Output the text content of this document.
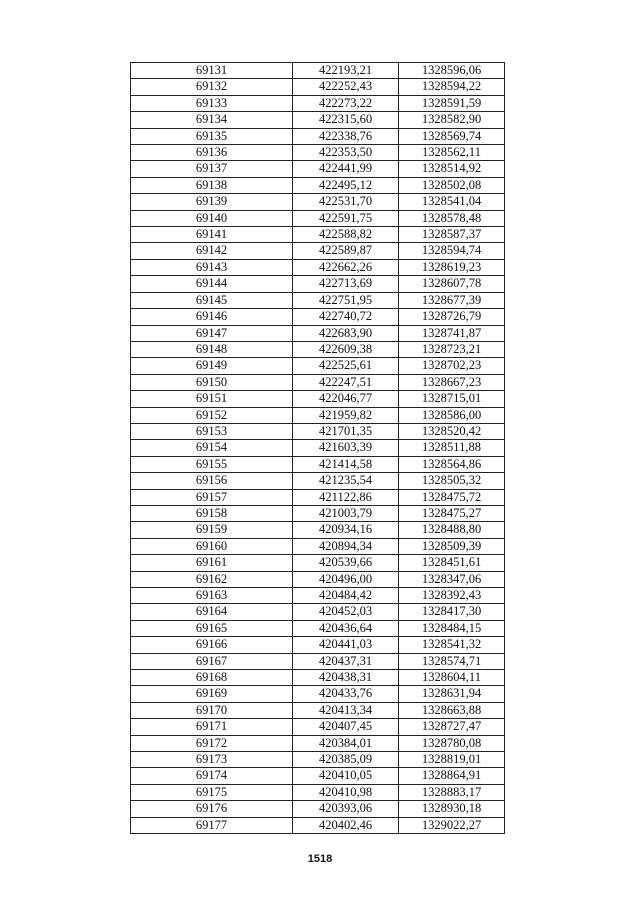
69131	422193,21	1328596,06
69132	422252,43	1328594,22
69133	422273,22	1328591,59
69134	422315,60	1328582,90
69135	422338,76	1328569,74
69136	422353,50	1328562,11
69137	422441,99	1328514,92
69138	422495,12	1328502,08
69139	422531,70	1328541,04
69140	422591,75	1328578,48
69141	422588,82	1328587,37
69142	422589,87	1328594,74
69143	422662,26	1328619,23
69144	422713,69	1328607,78
69145	422751,95	1328677,39
69146	422740,72	1328726,79
69147	422683,90	1328741,87
69148	422609,38	1328723,21
69149	422525,61	1328702,23
69150	422247,51	1328667,23
69151	422046,77	1328715,01
69152	421959,82	1328586,00
69153	421701,35	1328520,42
69154	421603,39	1328511,88
69155	421414,58	1328564,86
69156	421235,54	1328505,32
69157	421122,86	1328475,72
69158	421003,79	1328475,27
69159	420934,16	1328488,80
69160	420894,34	1328509,39
69161	420539,66	1328451,61
69162	420496,00	1328347,06
69163	420484,42	1328392,43
69164	420452,03	1328417,30
69165	420436,64	1328484,15
69166	420441,03	1328541,32
69167	420437,31	1328574,71
69168	420438,31	1328604,11
69169	420433,76	1328631,94
69170	420413,34	1328663,88
69171	420407,45	1328727,47
69172	420384,01	1328780,08
69173	420385,09	1328819,01
69174	420410,05	1328864,91
69175	420410,98	1328883,17
69176	420393,06	1328930,18
69177	420402,46	1329022,27
1518
